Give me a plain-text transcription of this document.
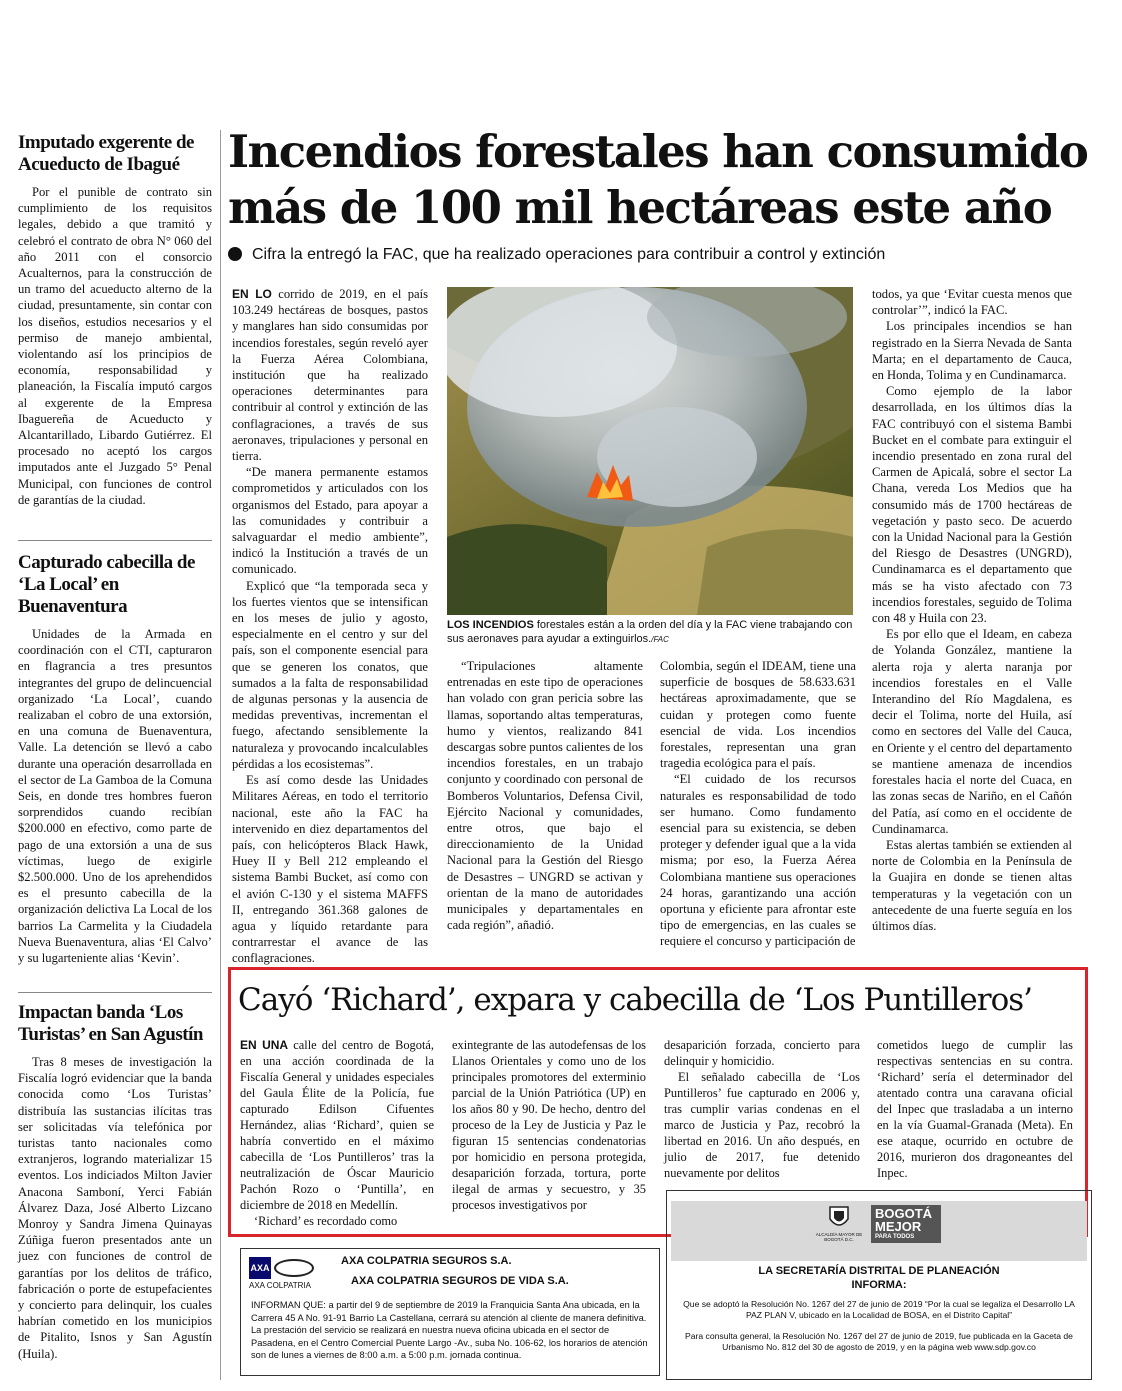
Imputado exgerente de Acueducto de Ibagué

Por el punible de contrato sin cumplimiento de los requisitos legales, debido a que tramitó y celebró el contrato de obra N° 060 del año 2011 con el consorcio Acualternos, para la construcción de un tramo del acueducto alterno de la ciudad, presuntamente, sin contar con los diseños, estudios necesarios y el permiso de manejo ambiental, violentando así los principios de economía, responsabilidad y planeación, la Fiscalía imputó cargos al exgerente de la Empresa Ibaguereña de Acueducto y Alcantarillado, Libardo Gutiérrez. El procesado no aceptó los cargos imputados ante el Juzgado 5° Penal Municipal, con funciones de control de garantías de la ciudad.

Capturado cabecilla de ‘La Local’ en Buenaventura

Unidades de la Armada en coordinación con el CTI, capturaron en flagrancia a tres presuntos integrantes del grupo de delincuencial organizado ‘La Local’, cuando realizaban el cobro de una extorsión, en una comuna de Buenaventura, Valle. La detención se llevó a cabo durante una operación desarrollada en el sector de La Gamboa de la Comuna Seis, en donde tres hombres fueron sorprendidos cuando recibían $200.000 en efectivo, como parte de pago de una extorsión a una de sus víctimas, luego de exigirle $2.500.000. Uno de los aprehendidos es el presunto cabecilla de la organización delictiva La Local de los barrios La Carmelita y la Ciudadela Nueva Buenaventura, alias ‘El Calvo’ y su lugarteniente alias ‘Kevin’.

Impactan banda ‘Los Turistas’ en San Agustín

Tras 8 meses de investigación la Fiscalía logró evidenciar que la banda conocida como ‘Los Turistas’ distribuía las sustancias ilícitas tras ser solicitadas vía telefónica por turistas tanto nacionales como extranjeros, logrando materializar 15 eventos. Los indiciados Milton Javier Anacona Samboní, Yerci Fabián Álvarez Daza, José Alberto Lizcano Monroy y Sandra Jimena Quinayas Zúñiga fueron presentados ante un juez con funciones de control de garantías por los delitos de tráfico, fabricación o porte de estupefacientes y concierto para delinquir, los cuales habrían cometido en los municipios de Pitalito, Isnos y San Agustín (Huila).

Incendios forestales han consumido
más de 100 mil hectáreas este año
Cifra la entregó la FAC, que ha realizado operaciones para contribuir a control y extinción

EN LO corrido de 2019, en el país 103.249 hectáreas de bosques, pastos y manglares han sido consumidas por incendios forestales, según reveló ayer la Fuerza Aérea Colombiana, institución que ha realizado operaciones determinantes para contribuir al control y extinción de las conflagraciones, a través de sus aeronaves, tripulaciones y personal en tierra.

“De manera permanente estamos comprometidos y articulados con los organismos del Estado, para apoyar a las comunidades y contribuir a salvaguardar el medio ambiente”, indicó la Institución a través de un comunicado.

Explicó que “la temporada seca y los fuertes vientos que se intensifican en los meses de julio y agosto, especialmente en el centro y sur del país, son el componente esencial para que se generen los conatos, que sumados a la falta de responsabilidad de algunas personas y la ausencia de medidas preventivas, incrementan el fuego, afectando sensiblemente la naturaleza y provocando incalculables pérdidas a los ecosistemas”.

Es así como desde las Unidades Militares Aéreas, en todo el territorio nacional, este año la FAC ha intervenido en diez departamentos del país, con helicópteros Black Hawk, Huey II y Bell 212 empleando el sistema Bambi Bucket, así como con el avión C-130 y el sistema MAFFS II, entregando 361.368 galones de agua y líquido retardante para contrarrestar el avance de las conflagraciones.

LOS INCENDIOS forestales están a la orden del día y la FAC viene trabajando con sus aeronaves para ayudar a extinguirlos./FAC

“Tripulaciones altamente entrenadas en este tipo de operaciones han volado con gran pericia sobre las llamas, soportando altas temperaturas, humo y vientos, realizando 841 descargas sobre puntos calientes de los incendios forestales, en un trabajo conjunto y coordinado con personal de Bomberos Voluntarios, Defensa Civil, Ejército Nacional y comunidades, entre otros, que bajo el direccionamiento de la Unidad Nacional para la Gestión del Riesgo de Desastres – UNGRD se activan y orientan de la mano de autoridades municipales y departamentales en cada región”, añadió.

Colombia, según el IDEAM, tiene una superficie de bosques de 58.633.631 hectáreas aproximadamente, que se cuidan y protegen como fuente esencial de vida. Los incendios forestales, representan una gran tragedia ecológica para el país.

“El cuidado de los recursos naturales es responsabilidad de todo ser humano. Como fundamento esencial para su existencia, se deben proteger y defender igual que a la vida misma; por eso, la Fuerza Aérea Colombiana mantiene sus operaciones 24 horas, garantizando una acción oportuna y eficiente para afrontar este tipo de emergencias, en las cuales se requiere el concurso y participación de

todos, ya que ‘Evitar cuesta menos que controlar’”, indicó la FAC.

Los principales incendios se han registrado en la Sierra Nevada de Santa Marta; en el departamento de Cauca, en Honda, Tolima y en Cundinamarca.

Como ejemplo de la labor desarrollada, en los últimos días la FAC contribuyó con el sistema Bambi Bucket en el combate para extinguir el incendio presentado en zona rural del Carmen de Apicalá, sobre el sector La Chana, vereda Los Medios que ha consumido más de 1700 hectáreas de vegetación y pasto seco. De acuerdo con la Unidad Nacional para la Gestión del Riesgo de Desastres (UNGRD), Cundinamarca es el departamento que más se ha visto afectado con 73 incendios forestales, seguido de Tolima con 48 y Huila con 23.

Es por ello que el Ideam, en cabeza de Yolanda González, mantiene la alerta roja y alerta naranja por incendios forestales en el Valle Interandino del Río Magdalena, es decir el Tolima, norte del Huila, así como en sectores del Valle del Cauca, en Oriente y el centro del departamento se mantiene amenaza de incendios forestales hacia el norte del Cuaca, en las zonas secas de Nariño, en el Cañón del Patía, así como en el occidente de Cundinamarca.

Estas alertas también se extienden al norte de Colombia en la Península de la Guajira en donde se tienen altas temperaturas y la vegetación con un antecedente de una fuerte seguía en los últimos días.

Cayó ‘Richard’, expara y cabecilla de ‘Los Puntilleros’

EN UNA calle del centro de Bogotá, en una acción coordinada de la Fiscalía General y unidades especiales del Gaula Élite de la Policía, fue capturado Edilson Cifuentes Hernández, alias ‘Richard’, quien se habría convertido en el máximo cabecilla de ‘Los Puntilleros’ tras la neutralización de Óscar Mauricio Pachón Rozo o ‘Puntilla’, en diciembre de 2018 en Medellín.

‘Richard’ es recordado como

exintegrante de las autodefensas de los Llanos Orientales y como uno de los principales promotores del exterminio parcial de la Unión Patriótica (UP) en los años 80 y 90. De hecho, dentro del proceso de la Ley de Justicia y Paz le figuran 15 sentencias condenatorias por homicidio en persona protegida, desaparición forzada, tortura, porte ilegal de armas y secuestro, y 35 procesos investigativos por

desaparición forzada, concierto para delinquir y homicidio.

El señalado cabecilla de ‘Los Puntilleros’ fue capturado en 2006 y, tras cumplir varias condenas en el marco de Justicia y Paz, recobró la libertad en 2016. Un año después, en julio de 2017, fue detenido nuevamente por delitos

cometidos luego de cumplir las respectivas sentencias en su contra. ‘Richard’ sería el determinador del atentado contra una caravana oficial del Inpec que trasladaba a un interno en la vía Guamal-Granada (Meta). En ese ataque, ocurrido en octubre de 2016, murieron dos dragoneantes del Inpec.

AXA
AXA COLPATRIA
AXA COLPATRIA SEGUROS S.A.
AXA COLPATRIA SEGUROS DE VIDA S.A.
INFORMAN QUE: a partir del 9 de septiembre de 2019 la Franquicia Santa Ana ubicada, en la Carrera 45 A No. 91-91 Barrio La Castellana, cerrará su atención al cliente de manera definitiva. La prestación del servicio se realizará en nuestra nueva oficina ubicada en el sector de Pasadena, en el Centro Comercial Puente Largo -Av., suba No. 106-62, los horarios de atención son de lunes a viernes de 8:00 a.m. a 5:00 p.m. jornada continua.
ALCALDÍA MAYOR DE BOGOTÁ D.C.
BOGOTÁ
MEJOR
PARA TODOS
LA SECRETARÍA DISTRITAL DE PLANEACIÓN
INFORMA:
Que se adoptó la Resolución No. 1267 del 27 de junio de 2019 “Por la cual se legaliza el Desarrollo LA PAZ PLAN V, ubicado en la Localidad de BOSA, en el Distrito Capital”
Para consulta general, la Resolución No. 1267 del 27 de junio de 2019, fue publicada en la Gaceta de Urbanismo No. 812 del 30 de agosto de 2019, y en la página web www.sdp.gov.co
